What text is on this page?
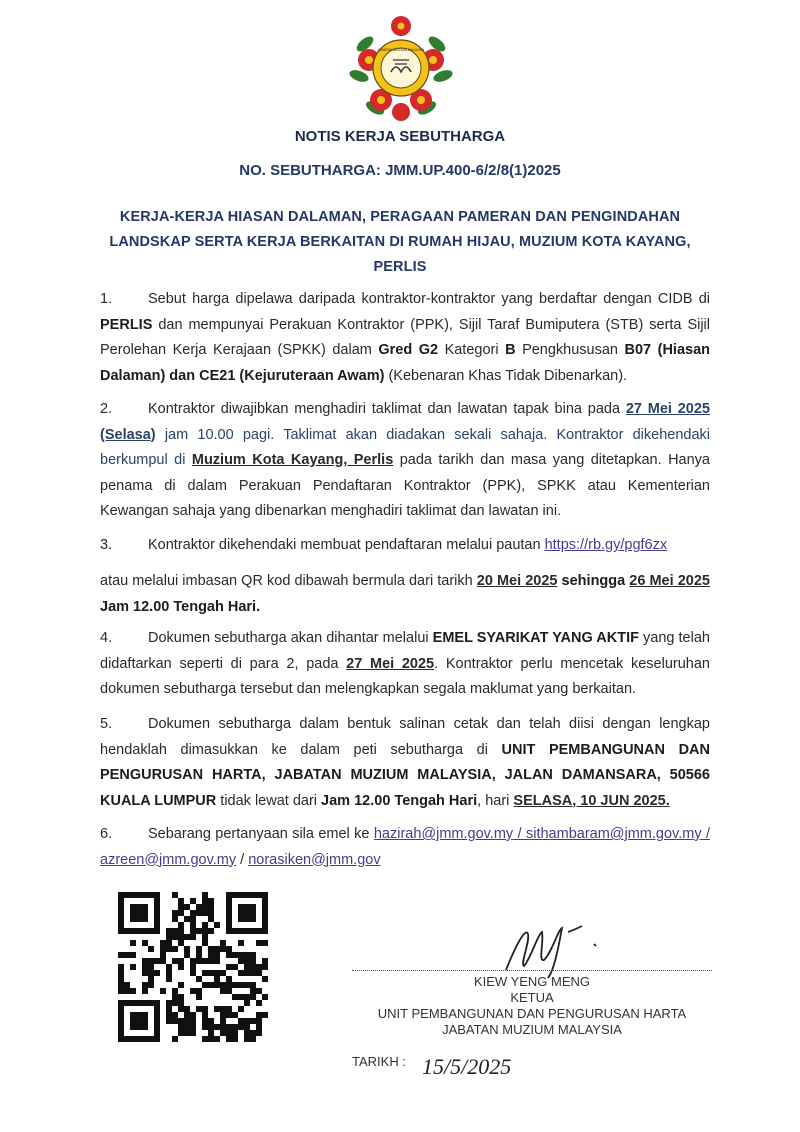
JABATAN MUZIUM MALAYSIA
NOTIS KERJA SEBUTHARGA
NO. SEBUTHARGA: JMM.UP.400-6/2/8(1)2025
KERJA-KERJA HIASAN DALAMAN, PERAGAAN PAMERAN DAN PENGINDAHAN
LANDSKAP SERTA KERJA BERKAITAN DI RUMAH HIJAU, MUZIUM KOTA KAYANG,
PERLIS
1. Sebut harga dipelawa daripada kontraktor-kontraktor yang berdaftar dengan CIDB di PERLIS dan mempunyai Perakuan Kontraktor (PPK), Sijil Taraf Bumiputera (STB) serta Sijil Perolehan Kerja Kerajaan (SPKK) dalam Gred G2 Kategori B Pengkhususan B07 (Hiasan Dalaman) dan CE21 (Kejuruteraan Awam) (Kebenaran Khas Tidak Dibenarkan).
2. Kontraktor diwajibkan menghadiri taklimat dan lawatan tapak bina pada 27 Mei 2025 (Selasa) jam 10.00 pagi. Taklimat akan diadakan sekali sahaja. Kontraktor dikehendaki berkumpul di Muzium Kota Kayang, Perlis pada tarikh dan masa yang ditetapkan. Hanya penama di dalam Perakuan Pendaftaran Kontraktor (PPK), SPKK atau Kementerian Kewangan sahaja yang dibenarkan menghadiri taklimat dan lawatan ini.
3. Kontraktor dikehendaki membuat pendaftaran melalui pautan https://rb.gy/pgf6zx
atau melalui imbasan QR kod dibawah bermula dari tarikh 20 Mei 2025 sehingga 26 Mei 2025 Jam 12.00 Tengah Hari.
4. Dokumen sebutharga akan dihantar melalui EMEL SYARIKAT YANG AKTIF yang telah didaftarkan seperti di para 2, pada 27 Mei 2025. Kontraktor perlu mencetak keseluruhan dokumen sebutharga tersebut dan melengkapkan segala maklumat yang berkaitan.
5. Dokumen sebutharga dalam bentuk salinan cetak dan telah diisi dengan lengkap hendaklah dimasukkan ke dalam peti sebutharga di UNIT PEMBANGUNAN DAN PENGURUSAN HARTA, JABATAN MUZIUM MALAYSIA, JALAN DAMANSARA, 50566 KUALA LUMPUR tidak lewat dari Jam 12.00 Tengah Hari, hari SELASA, 10 JUN 2025.
6. Sebarang pertanyaan sila emel ke hazirah@jmm.gov.my / sithambaram@jmm.gov.my / azreen@jmm.gov.my / norasiken@jmm.gov
KIEW YENG MENG
KETUA
UNIT PEMBANGUNAN DAN PENGURUSAN HARTA
JABATAN MUZIUM MALAYSIA
TARIKH : 15/5/2025
